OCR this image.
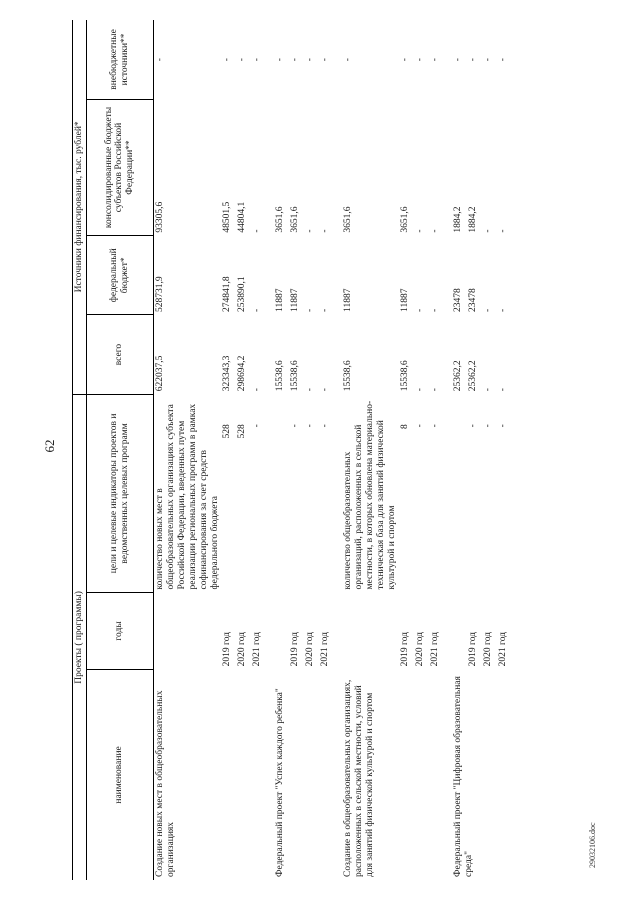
62
29032106.doc
Проекты ( программы)			Источники финансирования, тыс. рублей*			
наименование	годы	цели и целевые индикаторы проектов и ведомственных целевых программ	всего	федеральный бюджет*	консолидированные бюджеты субъектов Российской Федерации**	внебюджетные источники**
Создание новых мест в общеобразовательных организациях		количество новых мест в общеобразовательных организациях субъекта Российской Федерации, введенных путем реализации региональных программ в рамках софинансирования за счет средств федерального бюджета	622037,5	528731,9	93305,6	-
	2019 год	528	323343,3	274841,8	48501,5	-
	2020 год	528	298694,2	253890,1	44804,1	-
	2021 год	-	-	-	-	-

Федеральный проект "Успех каждого ребенка"			15538,6	11887	3651,6	-
	2019 год	-	15538,6	11887	3651,6	-
	2020 год	-	-	-	-	-
	2021 год	-	-	-	-	-

Создание в общеобразовательных организациях, расположенных в сельской местности, условий для занятий физической культурой и спортом		количество общеобразовательных организаций, расположенных в сельской местности, в которых обновлена материально-техническая база для занятий физической культурой и спортом	15538,6	11887	3651,6	-
	2019 год	8	15538,6	11887	3651,6	-
	2020 год	-	-	-	-	-
	2021 год	-	-	-	-	-

Федеральный проект "Цифровая образовательная среда"			25362,2	23478	1884,2	-
	2019 год	-	25362,2	23478	1884,2	-
	2020 год	-	-	-	-	-
	2021 год	-	-	-	-	-
